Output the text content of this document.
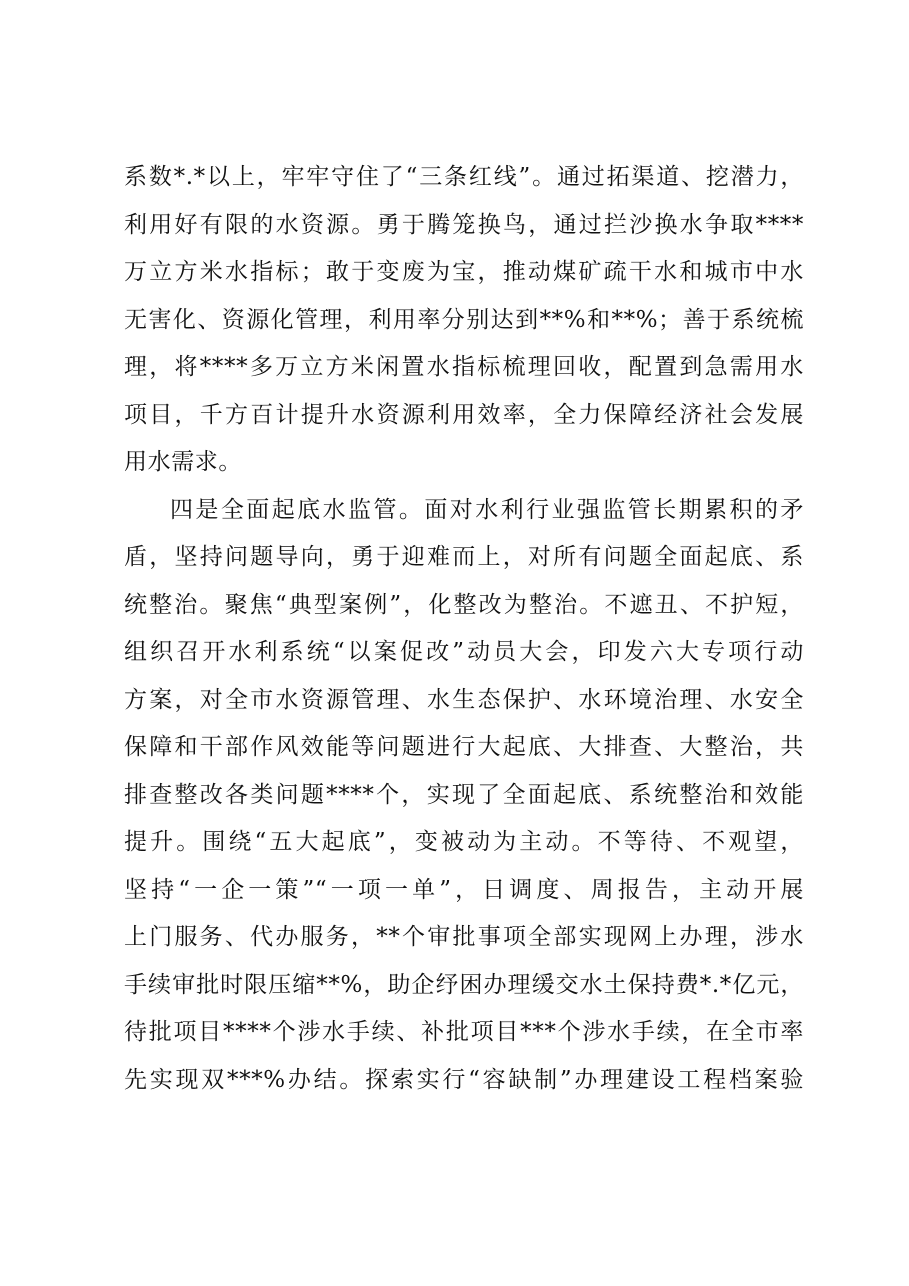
系数*.*以上，牢牢守住了“三条红线”。通过拓渠道、挖潜力，
利用好有限的水资源。勇于腾笼换鸟，通过拦沙换水争取****
万立方米水指标；敢于变废为宝，推动煤矿疏干水和城市中水
无害化、资源化管理，利用率分别达到**%和**%；善于系统梳
理，将****多万立方米闲置水指标梳理回收，配置到急需用水
项目，千方百计提升水资源利用效率，全力保障经济社会发展
用水需求。
四是全面起底水监管。面对水利行业强监管长期累积的矛
盾，坚持问题导向，勇于迎难而上，对所有问题全面起底、系
统整治。聚焦“典型案例”，化整改为整治。不遮丑、不护短，
组织召开水利系统“以案促改”动员大会，印发六大专项行动
方案，对全市水资源管理、水生态保护、水环境治理、水安全
保障和干部作风效能等问题进行大起底、大排查、大整治，共
排查整改各类问题****个，实现了全面起底、系统整治和效能
提升。围绕“五大起底”，变被动为主动。不等待、不观望，
坚持“一企一策”“一项一单”，日调度、周报告，主动开展
上门服务、代办服务，**个审批事项全部实现网上办理，涉水
手续审批时限压缩**%，助企纾困办理缓交水土保持费*.*亿元，
待批项目****个涉水手续、补批项目***个涉水手续，在全市率
先实现双***%办结。探索实行“容缺制”办理建设工程档案验
